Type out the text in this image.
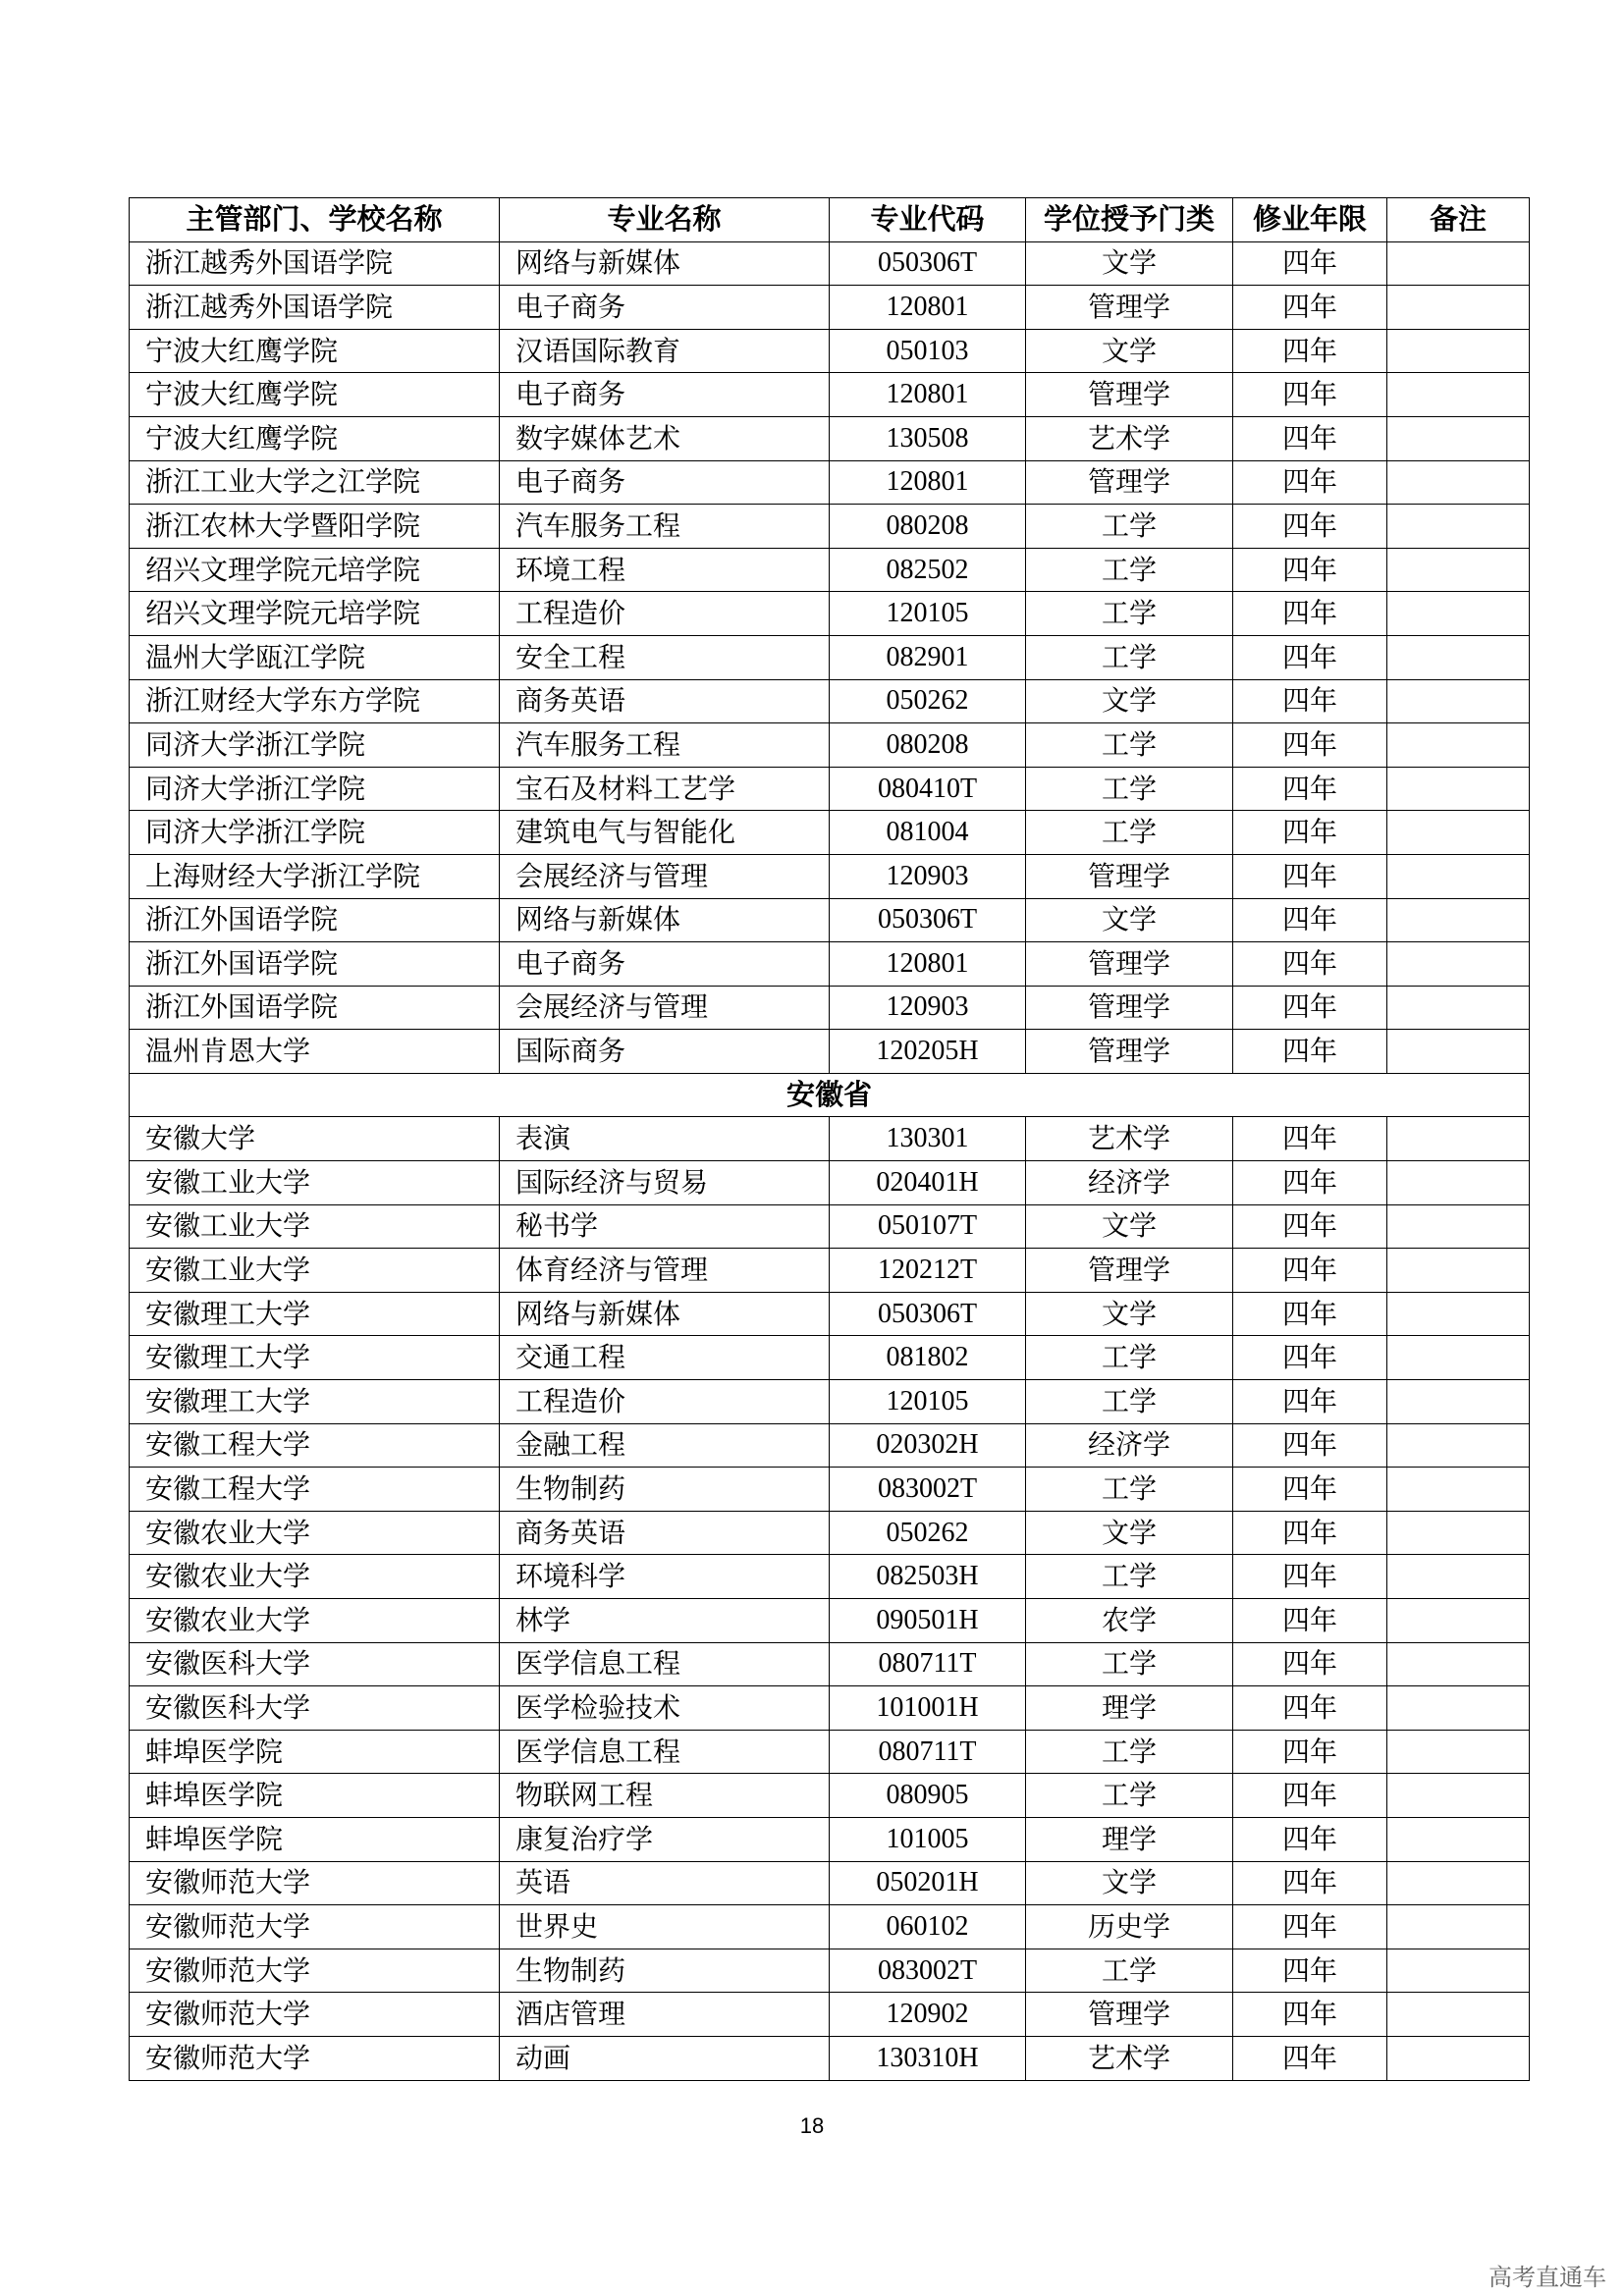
主管部门、学校名称	专业名称	专业代码	学位授予门类	修业年限	备注
浙江越秀外国语学院	网络与新媒体	050306T	文学	四年	
浙江越秀外国语学院	电子商务	120801	管理学	四年	
宁波大红鹰学院	汉语国际教育	050103	文学	四年	
宁波大红鹰学院	电子商务	120801	管理学	四年	
宁波大红鹰学院	数字媒体艺术	130508	艺术学	四年	
浙江工业大学之江学院	电子商务	120801	管理学	四年	
浙江农林大学暨阳学院	汽车服务工程	080208	工学	四年	
绍兴文理学院元培学院	环境工程	082502	工学	四年	
绍兴文理学院元培学院	工程造价	120105	工学	四年	
温州大学瓯江学院	安全工程	082901	工学	四年	
浙江财经大学东方学院	商务英语	050262	文学	四年	
同济大学浙江学院	汽车服务工程	080208	工学	四年	
同济大学浙江学院	宝石及材料工艺学	080410T	工学	四年	
同济大学浙江学院	建筑电气与智能化	081004	工学	四年	
上海财经大学浙江学院	会展经济与管理	120903	管理学	四年	
浙江外国语学院	网络与新媒体	050306T	文学	四年	
浙江外国语学院	电子商务	120801	管理学	四年	
浙江外国语学院	会展经济与管理	120903	管理学	四年	
温州肯恩大学	国际商务	120205H	管理学	四年	
安徽省					
安徽大学	表演	130301	艺术学	四年	
安徽工业大学	国际经济与贸易	020401H	经济学	四年	
安徽工业大学	秘书学	050107T	文学	四年	
安徽工业大学	体育经济与管理	120212T	管理学	四年	
安徽理工大学	网络与新媒体	050306T	文学	四年	
安徽理工大学	交通工程	081802	工学	四年	
安徽理工大学	工程造价	120105	工学	四年	
安徽工程大学	金融工程	020302H	经济学	四年	
安徽工程大学	生物制药	083002T	工学	四年	
安徽农业大学	商务英语	050262	文学	四年	
安徽农业大学	环境科学	082503H	工学	四年	
安徽农业大学	林学	090501H	农学	四年	
安徽医科大学	医学信息工程	080711T	工学	四年	
安徽医科大学	医学检验技术	101001H	理学	四年	
蚌埠医学院	医学信息工程	080711T	工学	四年	
蚌埠医学院	物联网工程	080905	工学	四年	
蚌埠医学院	康复治疗学	101005	理学	四年	
安徽师范大学	英语	050201H	文学	四年	
安徽师范大学	世界史	060102	历史学	四年	
安徽师范大学	生物制药	083002T	工学	四年	
安徽师范大学	酒店管理	120902	管理学	四年	
安徽师范大学	动画	130310H	艺术学	四年	
18
高考直通车
